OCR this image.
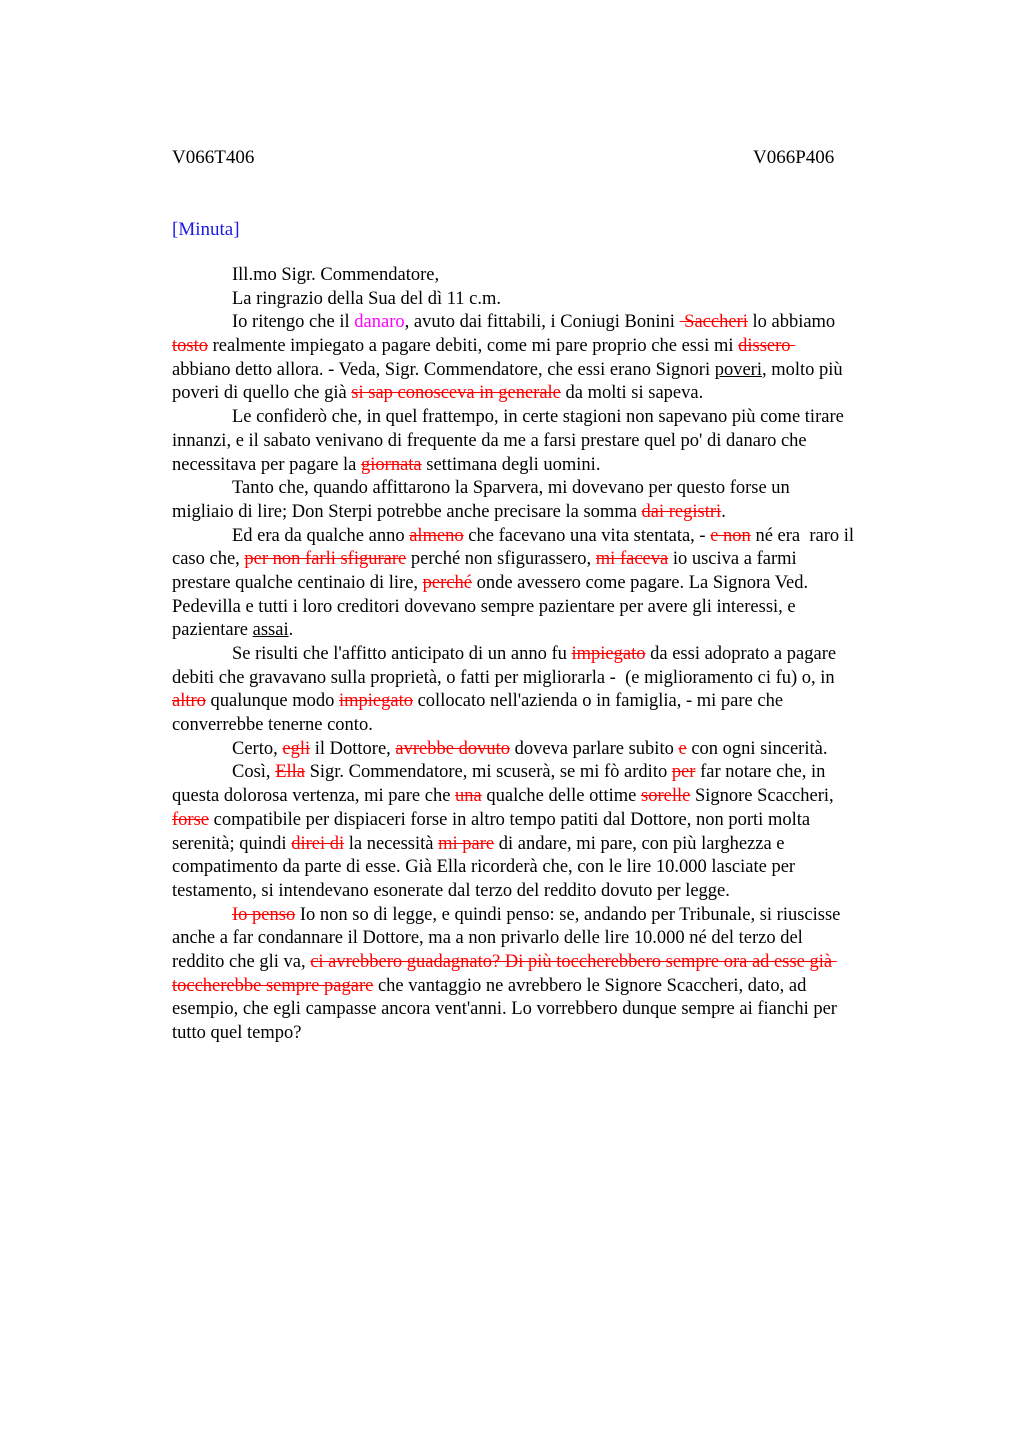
V066T406	V066P406
[Minuta]
Ill.mo Sigr. Commendatore,
La ringrazio della Sua del dì 11 c.m.
Io ritengo che il danaro, avuto dai fittabili, i Coniugi Bonini  Saccheri lo abbiamo
tosto realmente impiegato a pagare debiti, come mi pare proprio che essi mi dissero
abbiano detto allora. - Veda, Sigr. Commendatore, che essi erano Signori poveri, molto più
poveri di quello che già si sap conosceva in generale da molti si sapeva.
Le confiderò che, in quel frattempo, in certe stagioni non sapevano più come tirare
innanzi, e il sabato venivano di frequente da me a farsi prestare quel po' di danaro che
necessitava per pagare la giornata settimana degli uomini.
Tanto che, quando affittarono la Sparvera, mi dovevano per questo forse un
migliaio di lire; Don Sterpi potrebbe anche precisare la somma dai registri.
Ed era da qualche anno almeno che facevano una vita stentata, - e non né era  raro il
caso che, per non farli sfigurare perché non sfigurassero, mi faceva io usciva a farmi
prestare qualche centinaio di lire, perché onde avessero come pagare. La Signora Ved.
Pedevilla e tutti i loro creditori dovevano sempre pazientare per avere gli interessi, e
pazientare assai.
Se risulti che l'affitto anticipato di un anno fu impiegato da essi adoprato a pagare
debiti che gravavano sulla proprietà, o fatti per migliorarla -  (e miglioramento ci fu) o, in
altro qualunque modo impiegato collocato nell'azienda o in famiglia, - mi pare che
converrebbe tenerne conto.
Certo, egli il Dottore, avrebbe dovuto doveva parlare subito e con ogni sincerità.
Così, Ella Sigr. Commendatore, mi scuserà, se mi fò ardito per far notare che, in
questa dolorosa vertenza, mi pare che una qualche delle ottime sorelle Signore Scaccheri,
forse compatibile per dispiaceri forse in altro tempo patiti dal Dottore, non porti molta
serenità; quindi direi di la necessità mi pare di andare, mi pare, con più larghezza e
compatimento da parte di esse. Già Ella ricorderà che, con le lire 10.000 lasciate per
testamento, si intendevano esonerate dal terzo del reddito dovuto per legge.
Io penso Io non so di legge, e quindi penso: se, andando per Tribunale, si riuscisse
anche a far condannare il Dottore, ma a non privarlo delle lire 10.000 né del terzo del
reddito che gli va, ci avrebbero guadagnato? Di più toccherebbero sempre ora ad esse già
toccherebbe sempre pagare che vantaggio ne avrebbero le Signore Scaccheri, dato, ad
esempio, che egli campasse ancora vent'anni. Lo vorrebbero dunque sempre ai fianchi per
tutto quel tempo?
